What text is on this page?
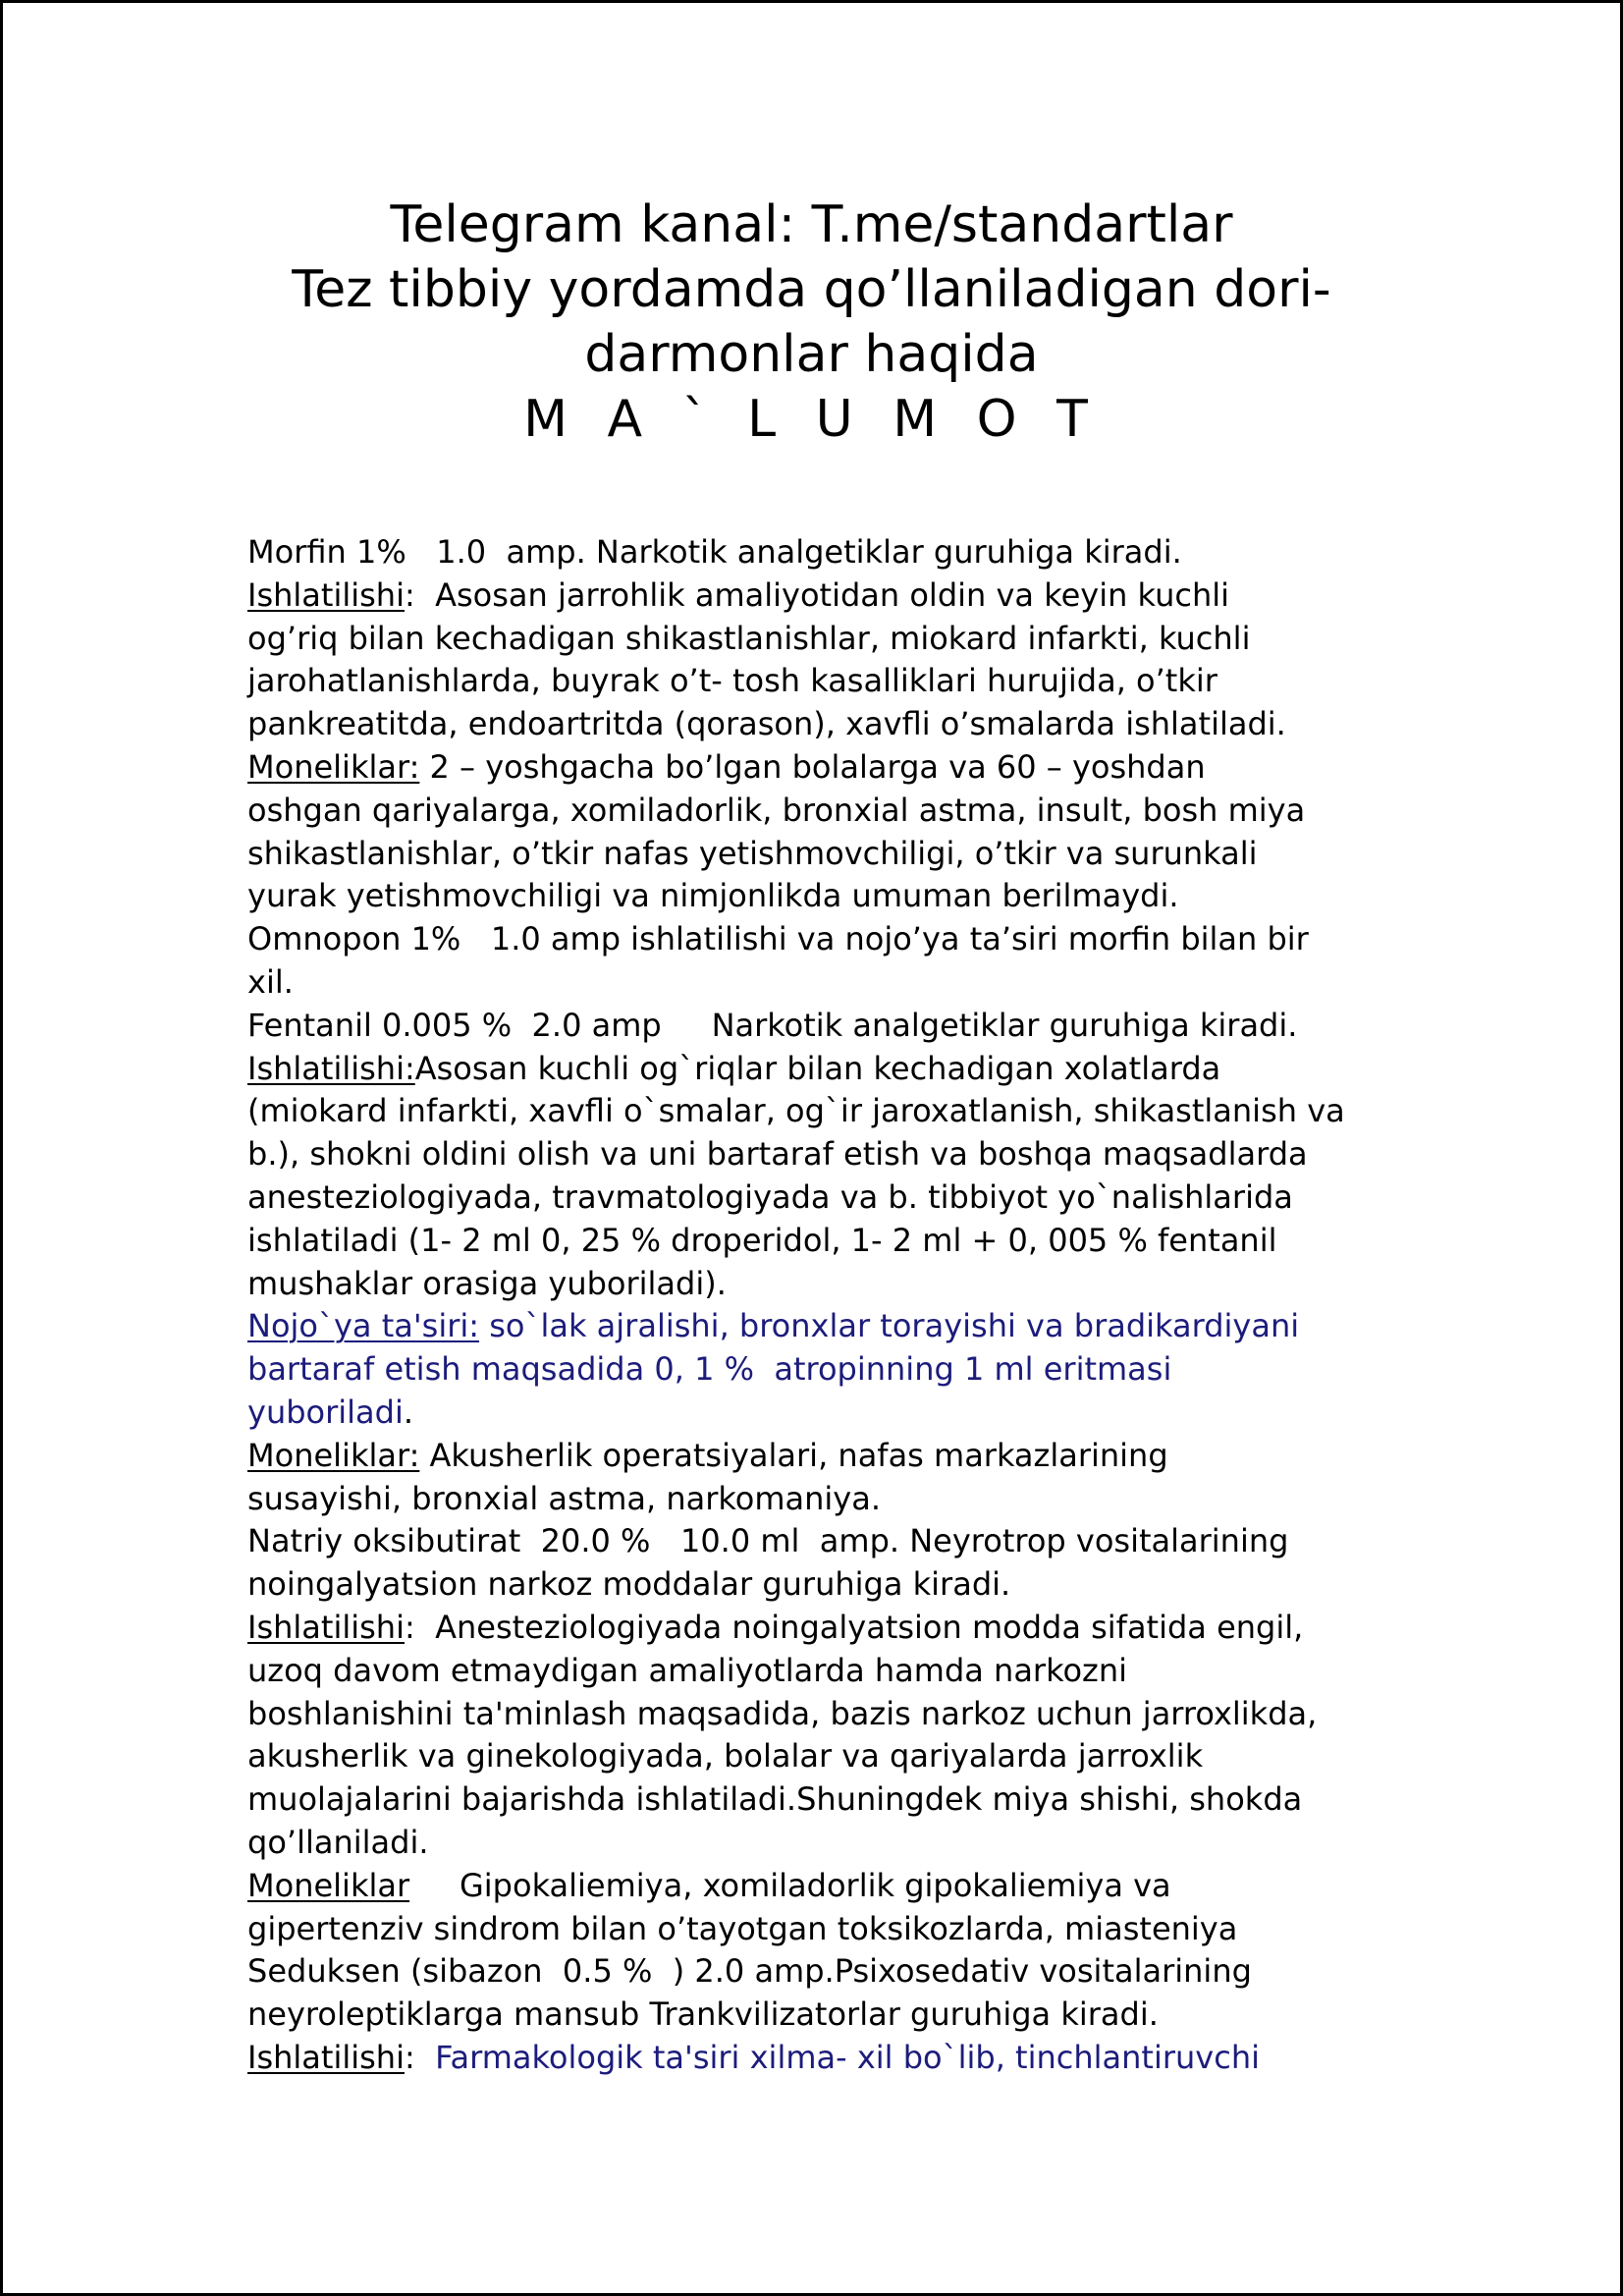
Telegram kanal: T.me/standartlar
Tez tibbiy yordamda qo’llaniladigan dori-
darmonlar haqida
M A ` L U M O T
Morfin 1%   1.0  amp. Narkotik analgetiklar guruhiga kiradi.
Ishlatilishi:  Asosan jarrohlik amaliyotidan oldin va keyin kuchli
og’riq bilan kechadigan shikastlanishlar, miokard infarkti, kuchli
jarohatlanishlarda, buyrak o’t- tosh kasalliklari hurujida, o’tkir
pankreatitda, endoartritda (qorason), xavfli o’smalarda ishlatiladi.
Moneliklar: 2 – yoshgacha bo’lgan bolalarga va 60 – yoshdan
oshgan qariyalarga, xomiladorlik, bronxial astma, insult, bosh miya
shikastlanishlar, o’tkir nafas yetishmovchiligi, o’tkir va surunkali
yurak yetishmovchiligi va nimjonlikda umuman berilmaydi.
Omnopon 1%   1.0 amp ishlatilishi va nojo’ya ta’siri morfin bilan bir
xil.
Fentanil 0.005 %  2.0 amp     Narkotik analgetiklar guruhiga kiradi.
Ishlatilishi:Asosan kuchli og`riqlar bilan kechadigan xolatlarda
(miokard infarkti, xavfli o`smalar, og`ir jaroxatlanish, shikastlanish va
b.), shokni oldini olish va uni bartaraf etish va boshqa maqsadlarda
anesteziologiyada, travmatologiyada va b. tibbiyot yo`nalishlarida
ishlatiladi (1- 2 ml 0, 25 % droperidol, 1- 2 ml + 0, 005 % fentanil
mushaklar orasiga yuboriladi).
Nojo`ya ta'siri: so`lak ajralishi, bronxlar torayishi va bradikardiyani
bartaraf etish maqsadida 0, 1 %  atropinning 1 ml eritmasi
yuboriladi.
Moneliklar: Akusherlik operatsiyalari, nafas markazlarining
susayishi, bronxial astma, narkomaniya.
Natriy oksibutirat  20.0 %   10.0 ml  amp. Neyrotrop vositalarining
noingalyatsion narkoz moddalar guruhiga kiradi.
Ishlatilishi:  Anesteziologiyada noingalyatsion modda sifatida engil,
uzoq davom etmaydigan amaliyotlarda hamda narkozni
boshlanishini ta'minlash maqsadida, bazis narkoz uchun jarroxlikda,
akusherlik va ginekologiyada, bolalar va qariyalarda jarroxlik
muolajalarini bajarishda ishlatiladi.Shuningdek miya shishi, shokda
qo’llaniladi.
Moneliklar     Gipokaliemiya, xomiladorlik gipokaliemiya va
gipertenziv sindrom bilan o’tayotgan toksikozlarda, miasteniya
Seduksen (sibazon  0.5 %  ) 2.0 amp.Psixosedativ vositalarining
neyroleptiklarga mansub Trankvilizatorlar guruhiga kiradi.
Ishlatilishi:  Farmakologik ta'siri xilma- xil bo`lib, tinchlantiruvchi
